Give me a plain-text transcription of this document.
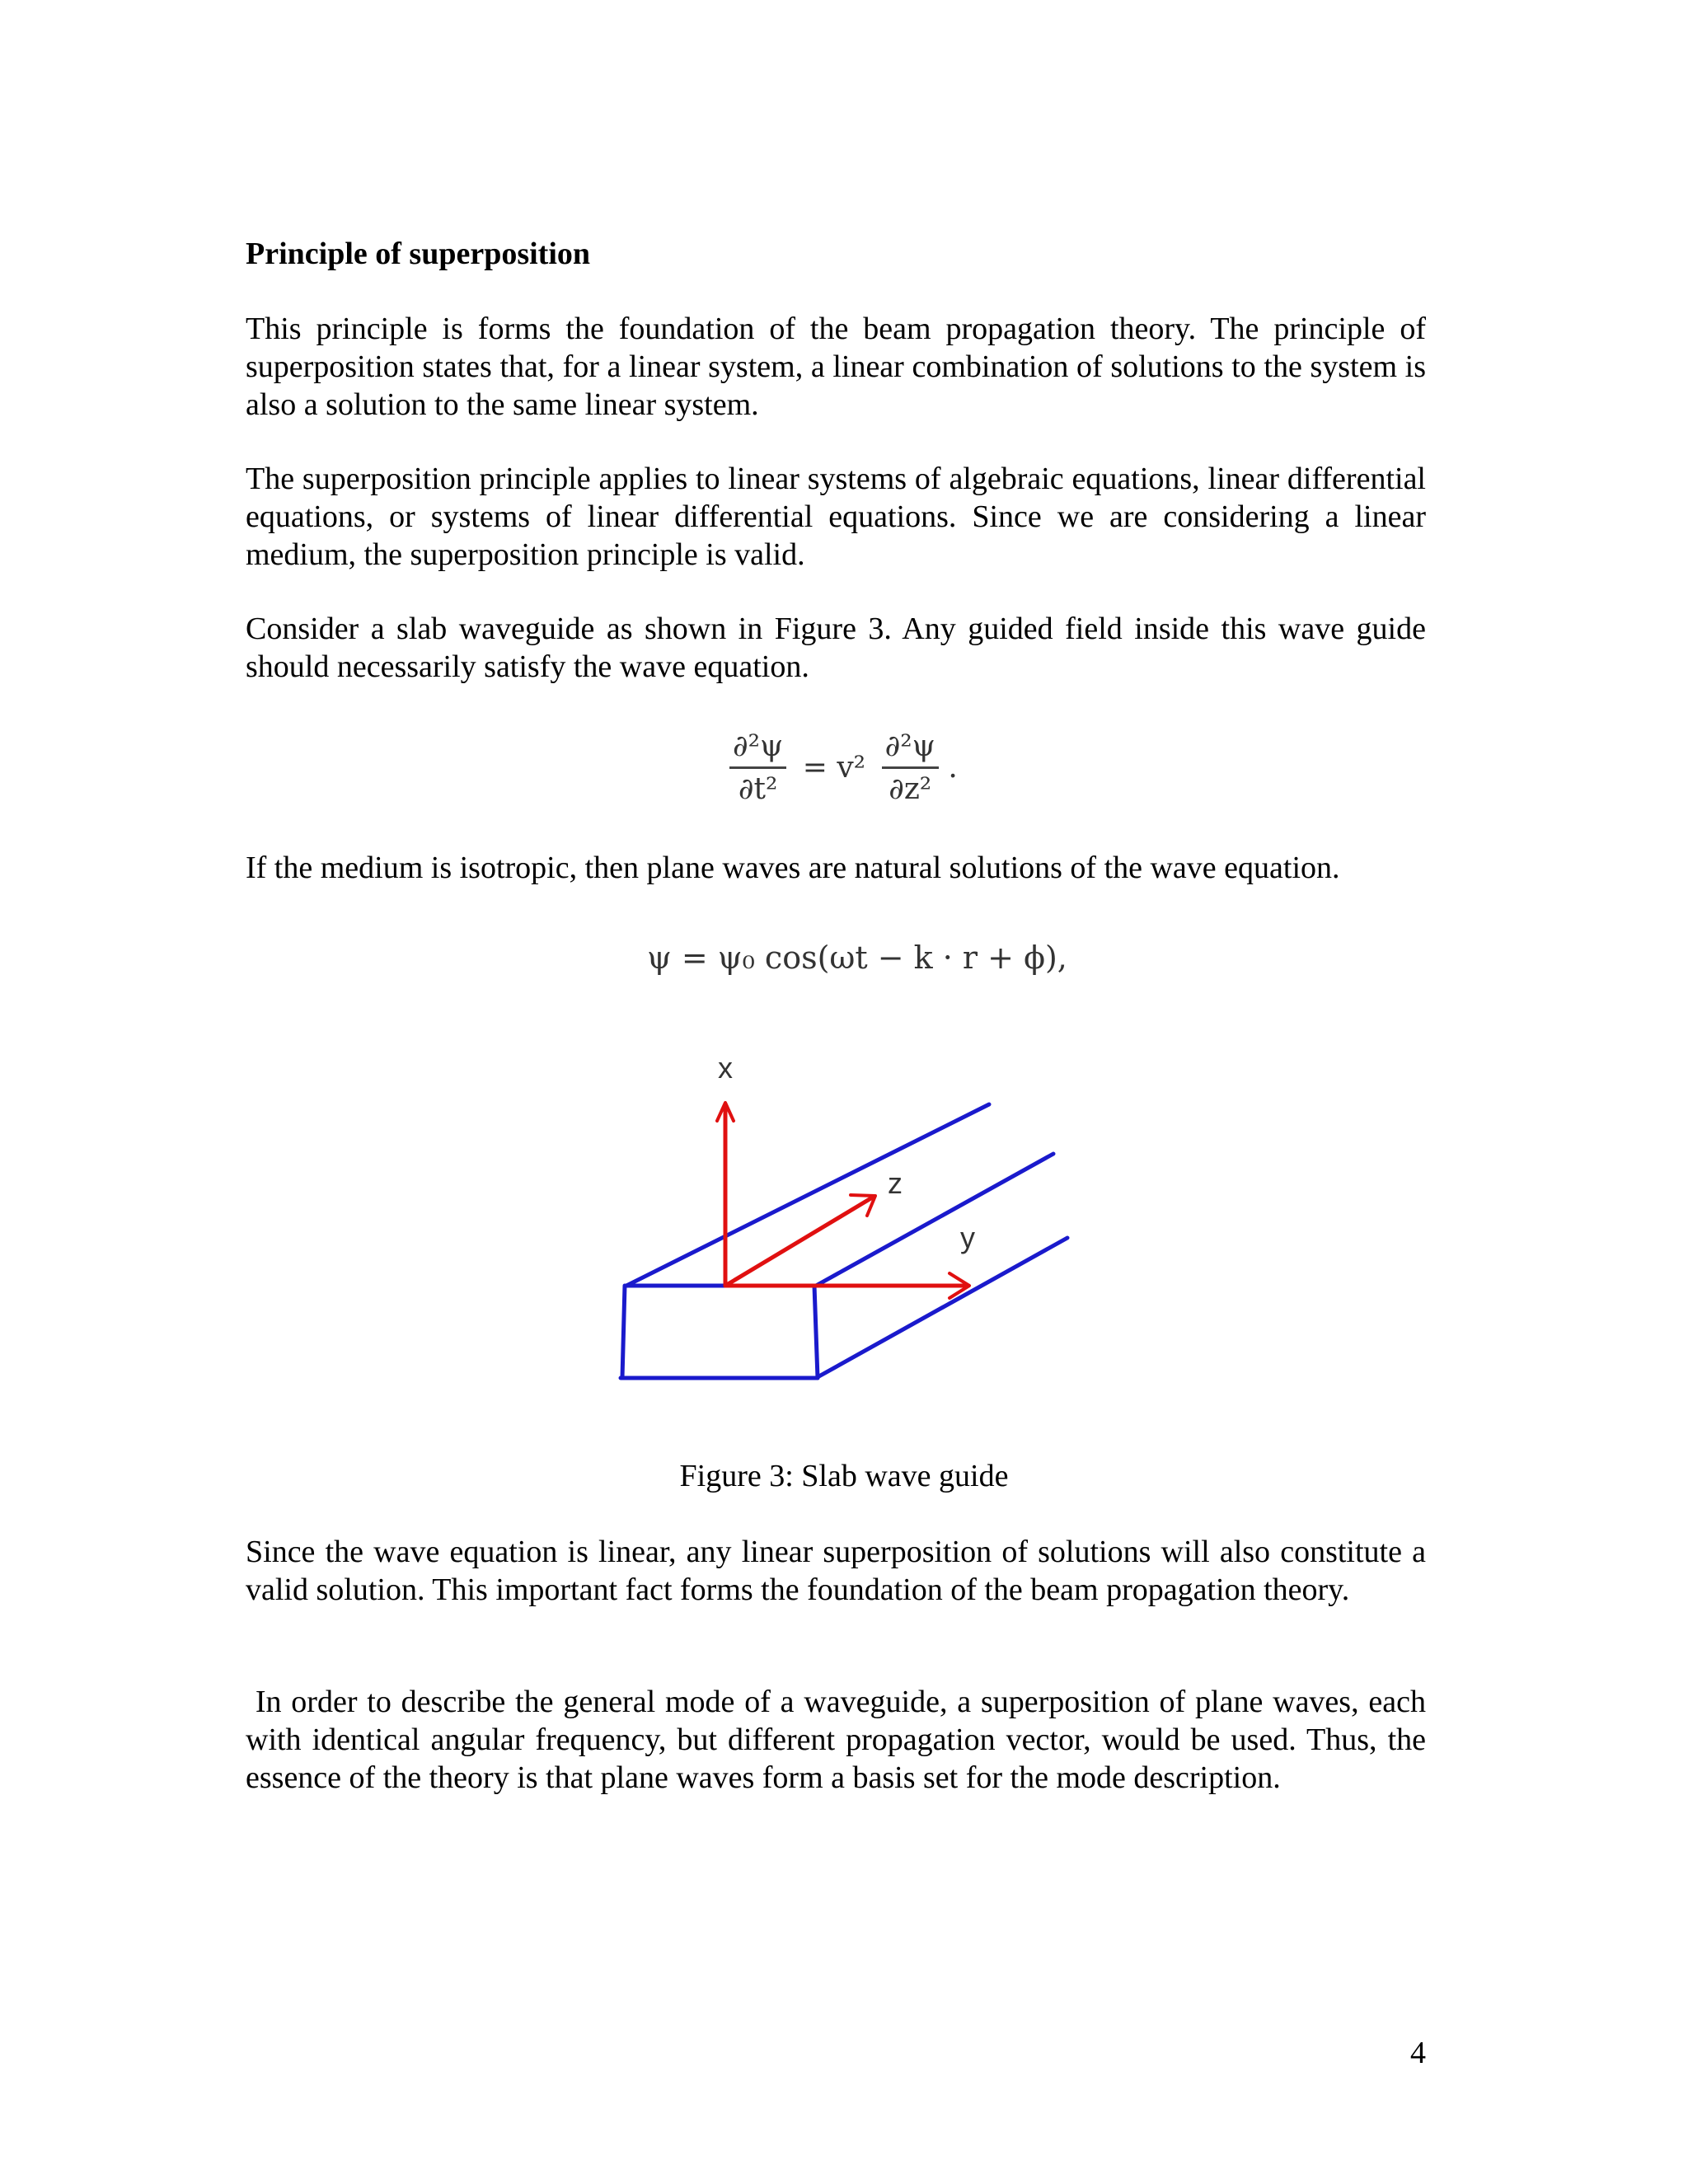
Principle of superposition

This principle is forms the foundation of the beam propagation theory. The principle of superposition states that, for a linear system, a linear combination of solutions to the system is also a solution to the same linear system.

The superposition principle applies to linear systems of algebraic equations, linear differential equations, or systems of linear differential equations. Since we are considering a linear medium, the superposition principle is valid.

Consider a slab waveguide as shown in Figure 3. Any guided field inside this wave guide should necessarily satisfy the wave equation.

$\frac{\text{∂²ψ}}{\text{∂t²}} = v^2 \frac{\text{∂²ψ}}{\text{∂z²}}$ .

If the medium is isotropic, then plane waves are natural solutions of the wave equation.

ψ = ψ₀ cos(ωt − k · r + ϕ),
x
z
y
Figure 3: Slab wave guide

Since the wave equation is linear, any linear superposition of solutions will also constitute a valid solution. This important fact forms the foundation of the beam propagation theory.

In order to describe the general mode of a waveguide, a superposition of plane waves, each with identical angular frequency, but different propagation vector, would be used. Thus, the essence of the theory is that plane waves form a basis set for the mode description.

4
